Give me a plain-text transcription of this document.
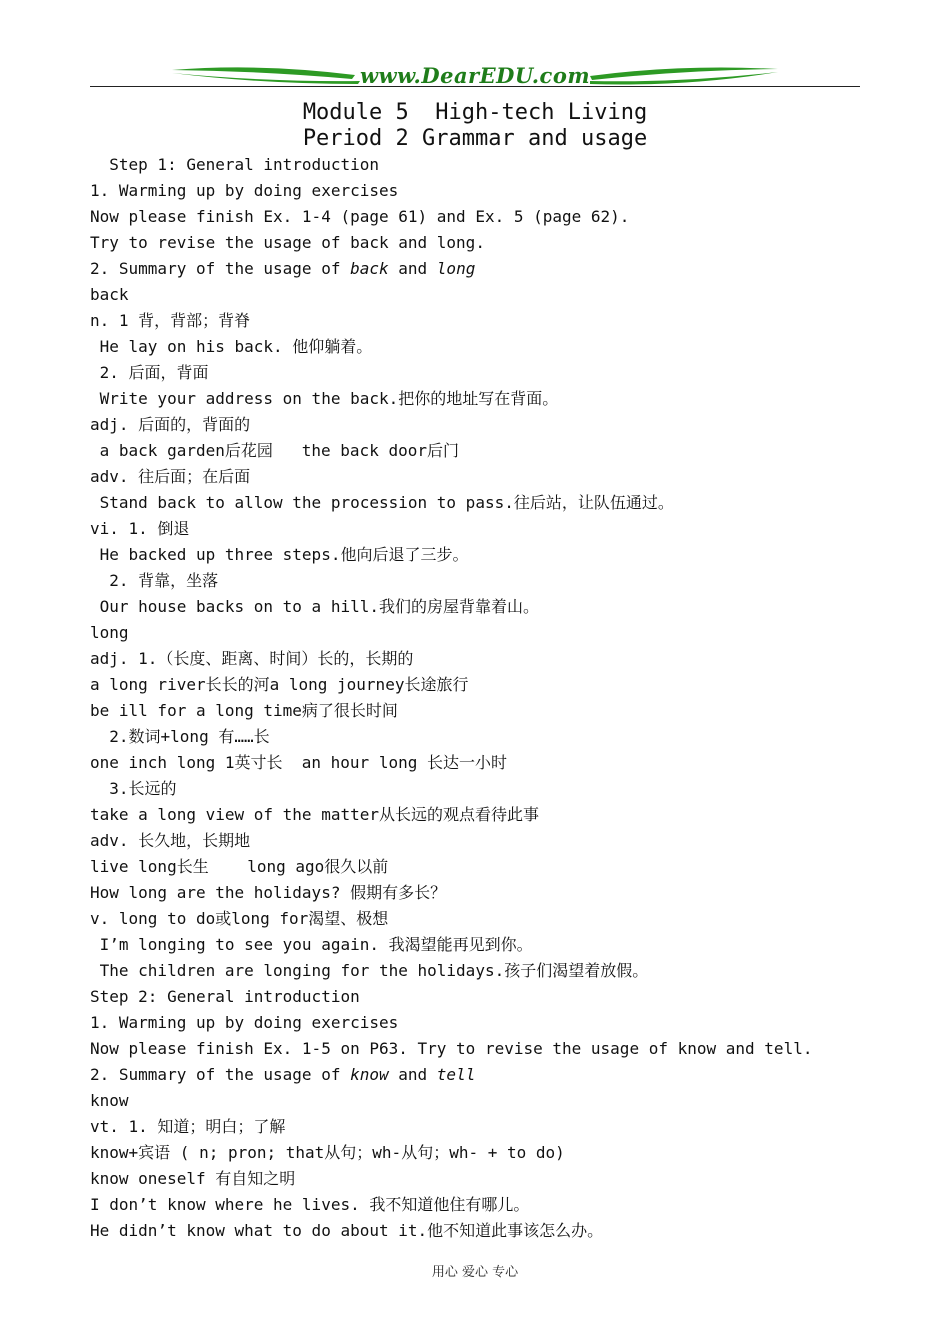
www.DearEDU.com
Module 5  High-tech Living
Period 2 Grammar and usage
Step 1: General introduction
1. Warming up by doing exercises
Now please finish Ex. 1-4 (page 61) and Ex. 5 (page 62).
Try to revise the usage of back and long.
2. Summary of the usage of back and long
back
n. 1 背，背部；背脊
He lay on his back. 他仰躺着。
2. 后面，背面
Write your address on the back.把你的地址写在背面。
adj. 后面的，背面的
a back garden后花园   the back door后门
adv. 往后面；在后面
Stand back to allow the procession to pass.往后站，让队伍通过。
vi. 1. 倒退
He backed up three steps.他向后退了三步。
2. 背靠，坐落
Our house backs on to a hill.我们的房屋背靠着山。
long
adj. 1.（长度、距离、时间）长的，长期的
a long river长长的河a long journey长途旅行
be ill for a long time病了很长时间
2.数词+long 有……长
one inch long 1英寸长  an hour long 长达一小时
3.长远的
take a long view of the matter从长远的观点看待此事
adv. 长久地，长期地
live long长生    long ago很久以前
How long are the holidays? 假期有多长？
v. long to do或long for渴望、极想
I’m longing to see you again. 我渴望能再见到你。
The children are longing for the holidays.孩子们渴望着放假。
Step 2: General introduction
1. Warming up by doing exercises
Now please finish Ex. 1-5 on P63. Try to revise the usage of know and tell.
2. Summary of the usage of know and tell
know
vt. 1. 知道；明白；了解
know+宾语 ( n; pron; that从句；wh-从句；wh- + to do)
know oneself 有自知之明
I don’t know where he lives. 我不知道他住有哪儿。
He didn’t know what to do about it.他不知道此事该怎么办。
用心 爱心 专心
